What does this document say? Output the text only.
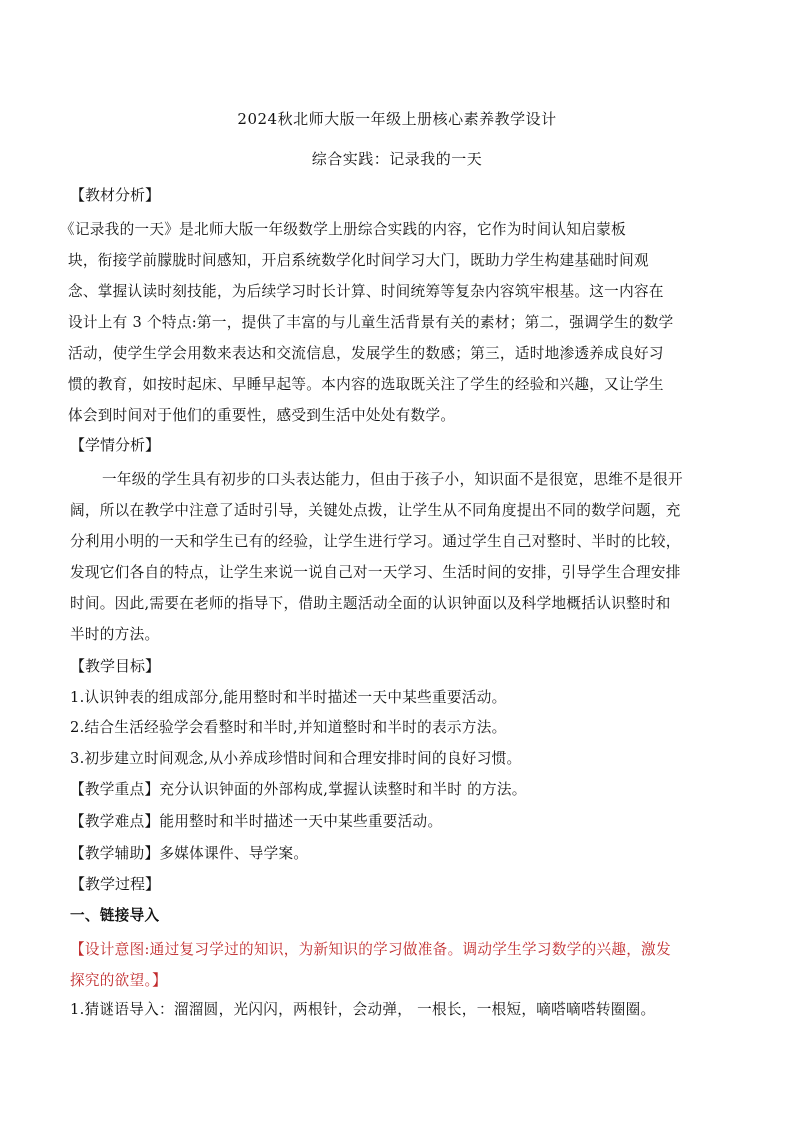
2024秋北师大版一年级上册核心素养教学设计
综合实践：记录我的一天
【教材分析】
《记录我的一天》是北师大版一年级数学上册综合实践的内容，它作为时间认知启蒙板
块，衔接学前朦胧时间感知，开启系统数学化时间学习大门，既助力学生构建基础时间观
念、掌握认读时刻技能，为后续学习时长计算、时间统筹等复杂内容筑牢根基。这一内容在
设计上有 3 个特点:第一，提供了丰富的与儿童生活背景有关的素材；第二，强调学生的数学
活动，使学生学会用数来表达和交流信息，发展学生的数感；第三，适时地渗透养成良好习
惯的教育，如按时起床、早睡早起等。本内容的选取既关注了学生的经验和兴趣，又让学生
体会到时间对于他们的重要性，感受到生活中处处有数学。
【学情分析】
一年级的学生具有初步的口头表达能力，但由于孩子小，知识面不是很宽，思维不是很开
阔，所以在教学中注意了适时引导，关键处点拨，让学生从不同角度提出不同的数学问题，充
分利用小明的一天和学生已有的经验，让学生进行学习。通过学生自己对整时、半时的比较，
发现它们各自的特点，让学生来说一说自己对一天学习、生活时间的安排，引导学生合理安排
时间。因此,需要在老师的指导下，借助主题活动全面的认识钟面以及科学地概括认识整时和
半时的方法。
【教学目标】
1.认识钟表的组成部分,能用整时和半时描述一天中某些重要活动。
2.结合生活经验学会看整时和半时,并知道整时和半时的表示方法。
3.初步建立时间观念,从小养成珍惜时间和合理安排时间的良好习惯。
【教学重点】充分认识钟面的外部构成,掌握认读整时和半时 的方法。
【教学难点】能用整时和半时描述一天中某些重要活动。
【教学辅助】多媒体课件、导学案。
【教学过程】
一、链接导入
【设计意图:通过复习学过的知识，为新知识的学习做准备。调动学生学习数学的兴趣，激发
探究的欲望。】
1.猜谜语导入：溜溜圆，光闪闪，两根针，会动弹， 一根长，一根短，嘀嗒嘀嗒转圈圈。
